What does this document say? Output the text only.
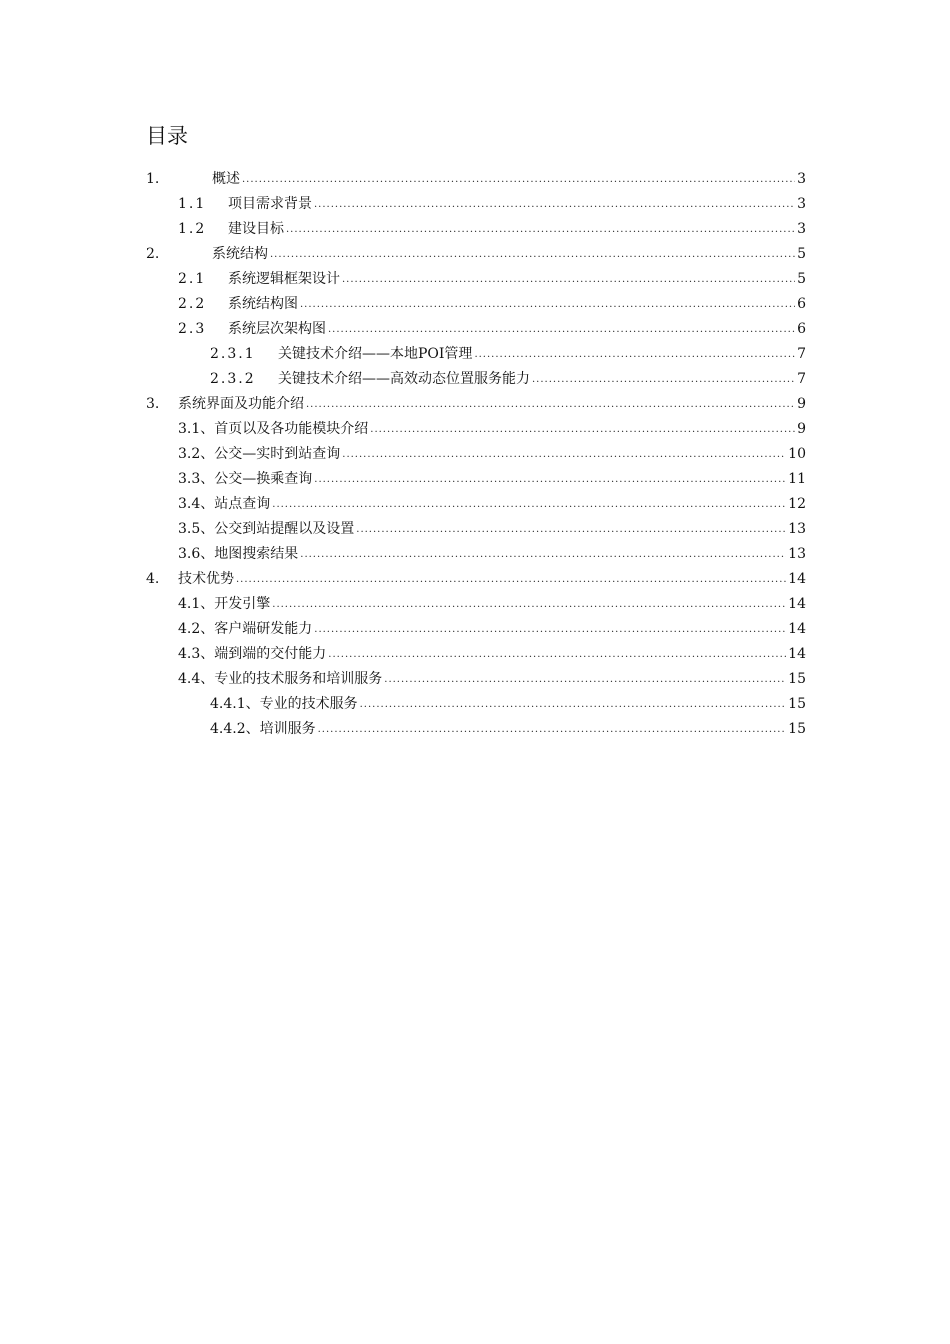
目录
1.	概述 .....	3
1.1	项目需求背景 .....	3
1.2	建设目标 .....	3
2.	系统结构 .....	5
2.1	系统逻辑框架设计 .....	5
2.2	系统结构图 .....	6
2.3	系统层次架构图 .....	6
2.3.1	关键技术介绍——本地POI管理 .....	7
2.3.2	关键技术介绍——高效动态位置服务能力 .....	7
3.	系统界面及功能介绍 .....	9
3.1、首页以及各功能模块介绍 .....	9
3.2、公交—实时到站查询 .....	10
3.3、公交—换乘查询 .....	11
3.4、站点查询 .....	12
3.5、公交到站提醒以及设置 .....	13
3.6、地图搜索结果 .....	13
4.	技术优势 .....	14
4.1、开发引擎 .....	14
4.2、客户端研发能力 .....	14
4.3、端到端的交付能力 .....	14
4.4、专业的技术服务和培训服务 .....	15
4.4.1、专业的技术服务 .....	15
4.4.2、培训服务 .....	15
